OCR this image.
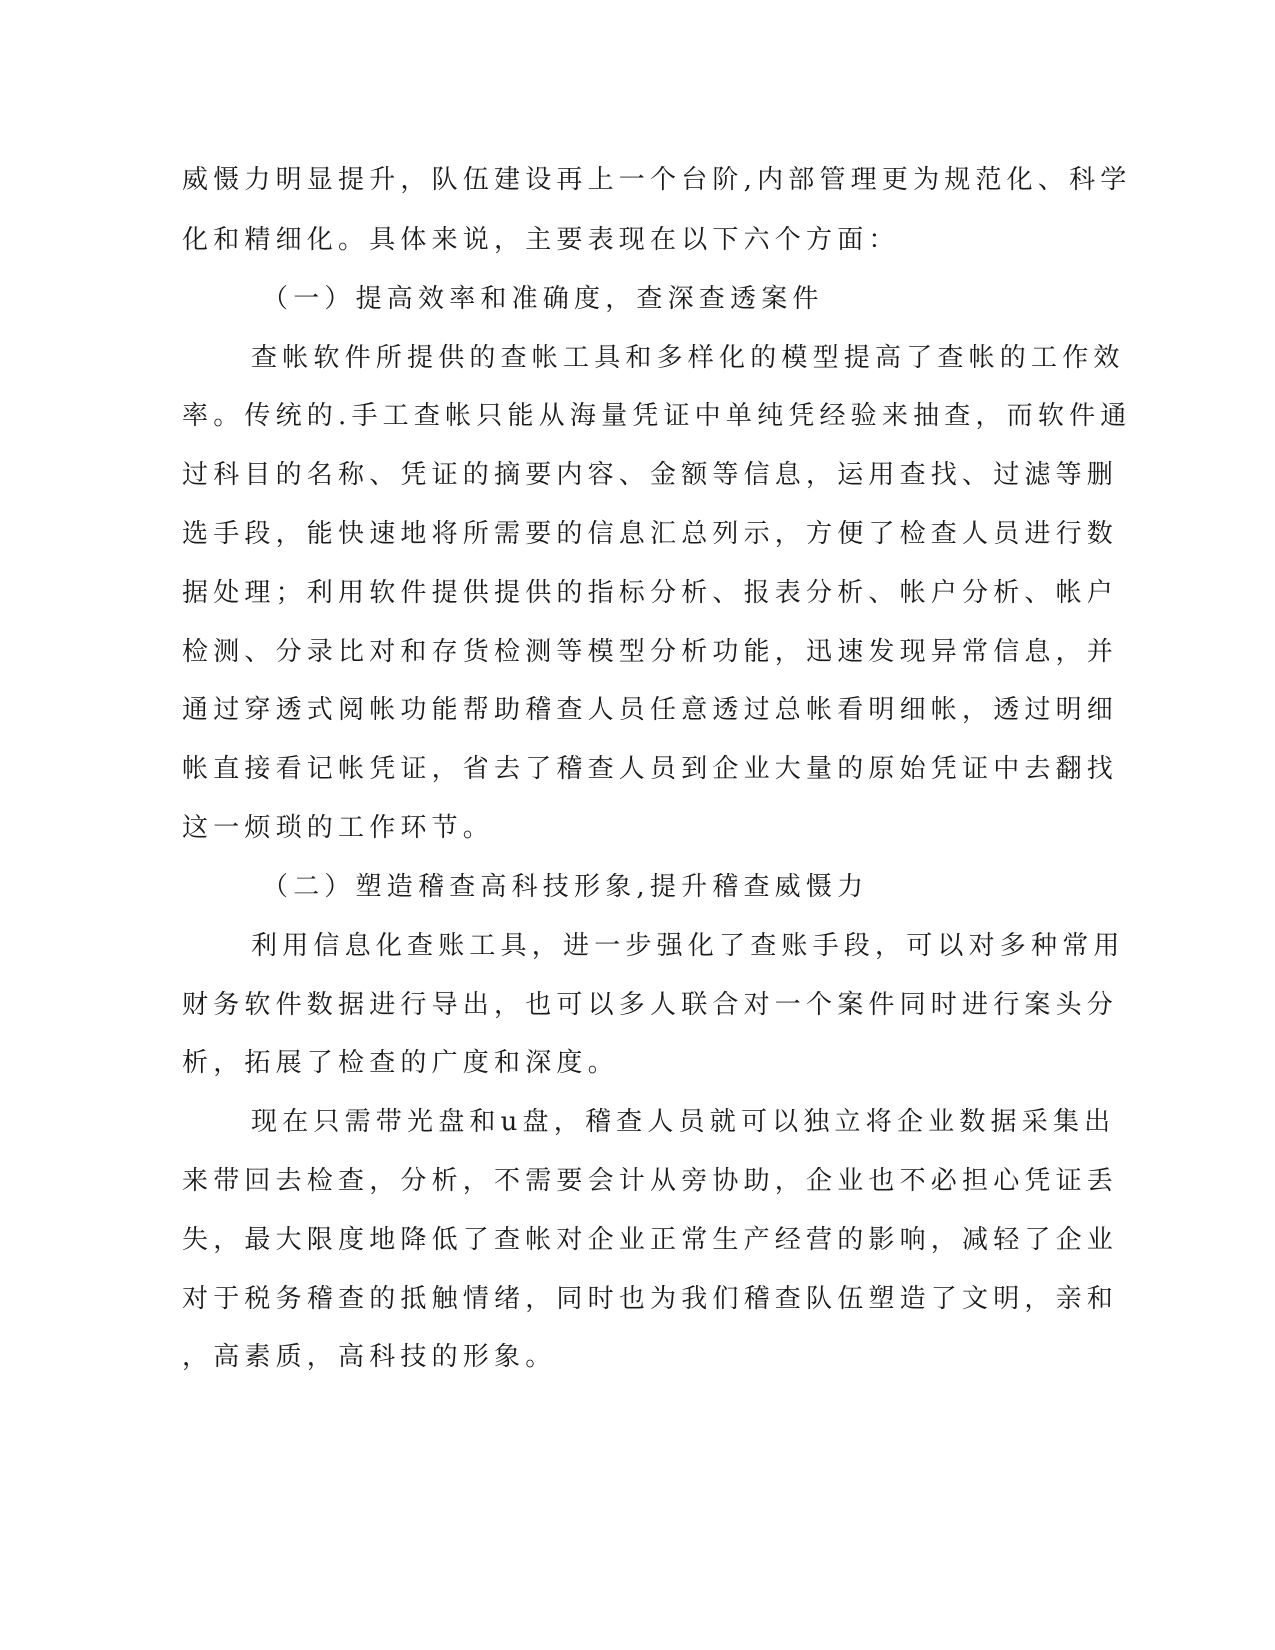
威慑力明显提升，队伍建设再上一个台阶,内部管理更为规范化、科学
化和精细化。具体来说，主要表现在以下六个方面：
（一）提高效率和准确度，查深查透案件
查帐软件所提供的查帐工具和多样化的模型提高了查帐的工作效
率。传统的.手工查帐只能从海量凭证中单纯凭经验来抽查，而软件通
过科目的名称、凭证的摘要内容、金额等信息，运用查找、过滤等删
选手段，能快速地将所需要的信息汇总列示，方便了检查人员进行数
据处理；利用软件提供提供的指标分析、报表分析、帐户分析、帐户
检测、分录比对和存货检测等模型分析功能，迅速发现异常信息，并
通过穿透式阅帐功能帮助稽查人员任意透过总帐看明细帐，透过明细
帐直接看记帐凭证，省去了稽查人员到企业大量的原始凭证中去翻找
这一烦琐的工作环节。
（二）塑造稽查高科技形象,提升稽查威慑力
利用信息化查账工具，进一步强化了查账手段，可以对多种常用
财务软件数据进行导出，也可以多人联合对一个案件同时进行案头分
析，拓展了检查的广度和深度。
现在只需带光盘和u盘，稽查人员就可以独立将企业数据采集出
来带回去检查，分析，不需要会计从旁协助，企业也不必担心凭证丢
失，最大限度地降低了查帐对企业正常生产经营的影响，减轻了企业
对于税务稽查的抵触情绪，同时也为我们稽查队伍塑造了文明，亲和
，高素质，高科技的形象。
